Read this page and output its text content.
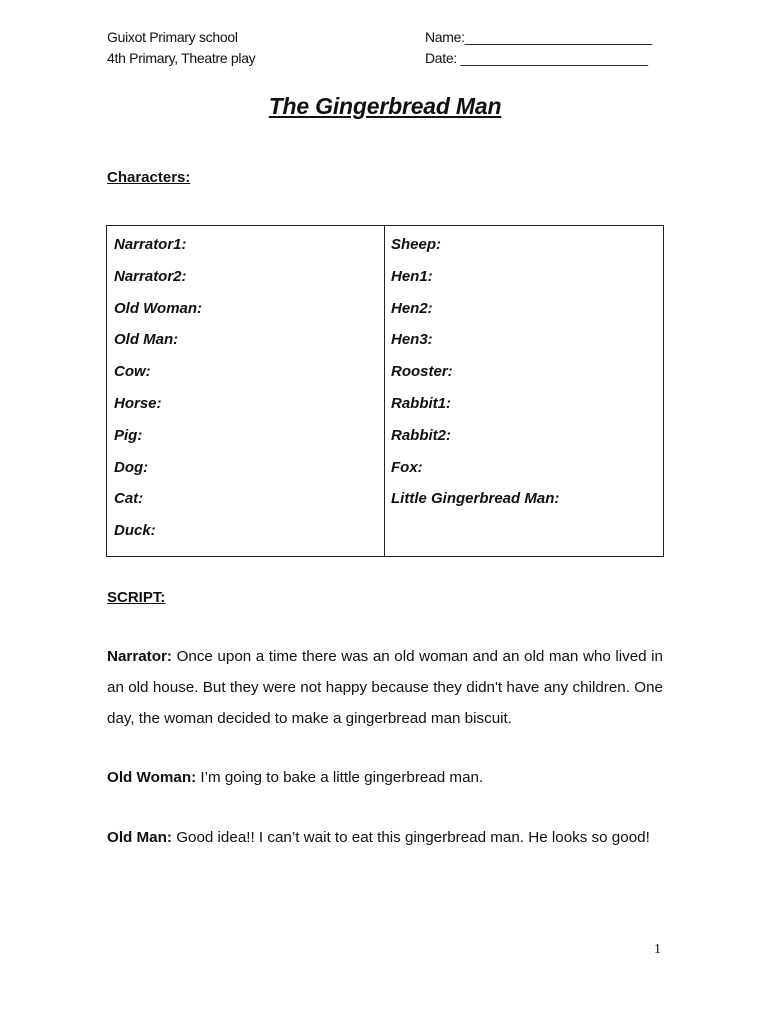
Guixot Primary school
4th Primary, Theatre play
Name:_________________________
Date: _________________________
The Gingerbread Man
Characters:
Narrator1:
Narrator2:
Old Woman:
Old Man:
Cow:
Horse:
Pig:
Dog:
Cat:
Duck:
Sheep:
Hen1:
Hen2:
Hen3:
Rooster:
Rabbit1:
Rabbit2:
Fox:
Little Gingerbread Man:
SCRIPT:

Narrator: Once upon a time there was an old woman and an old man who lived in an old house. But they were not happy because they didn't have any children. One day, the woman decided to make a gingerbread man biscuit.

Old Woman: I’m going to bake a little gingerbread man.

Old Man: Good idea!! I can’t wait to eat this gingerbread man. He looks so good!

1
